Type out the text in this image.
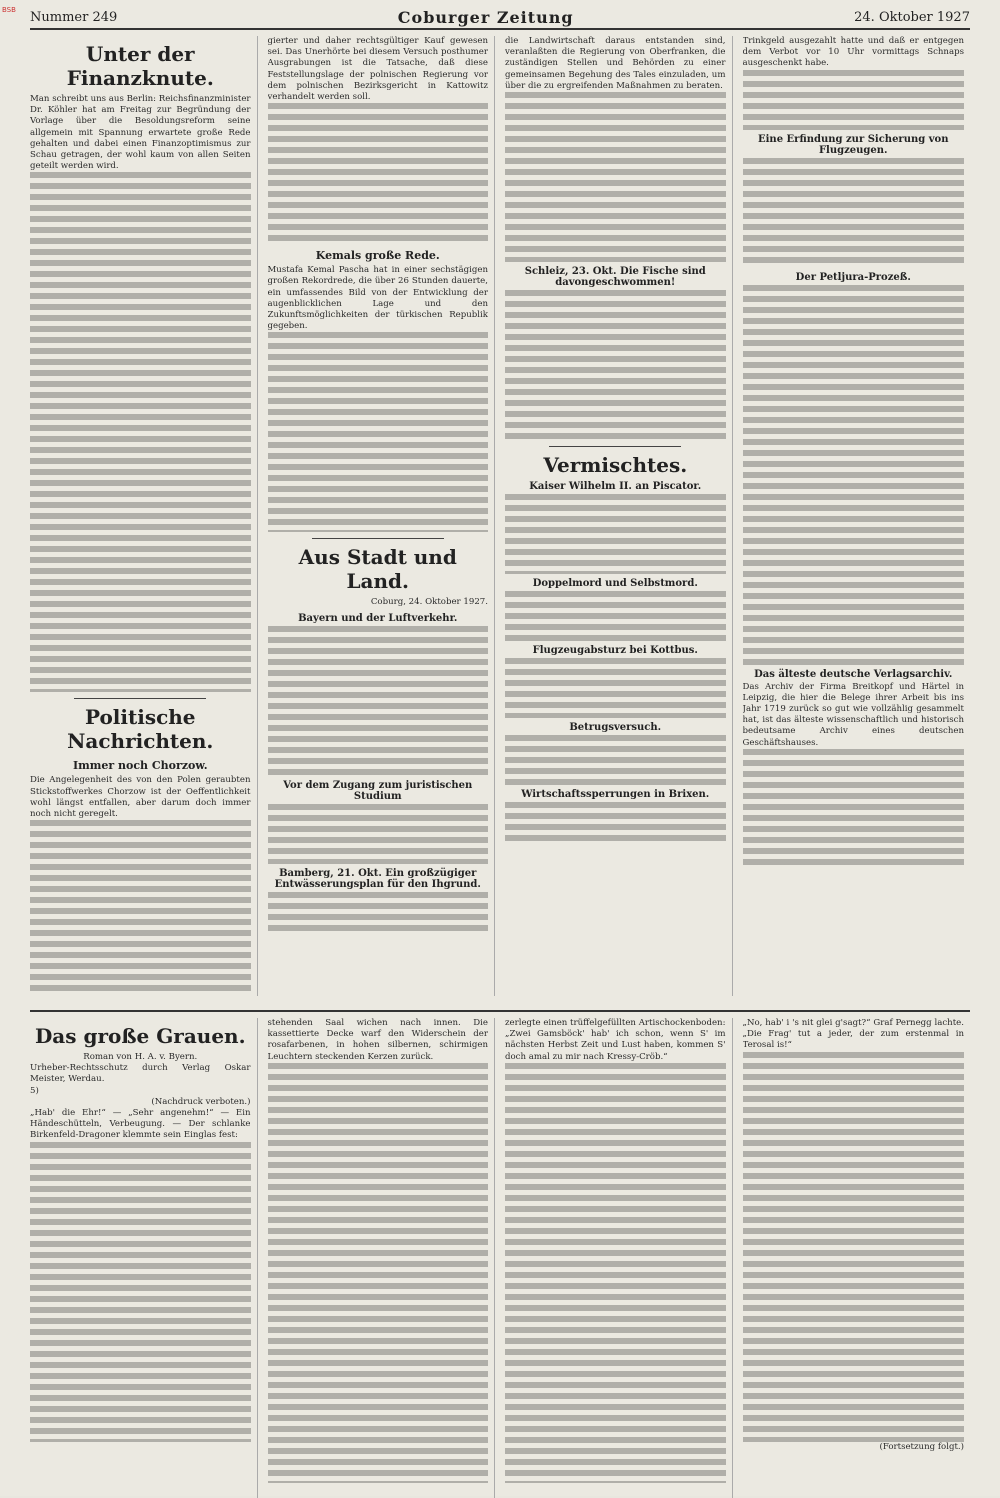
BSB Nummer 249	Coburger Zeitung	24. Oktober 1927
Unter der Finanzknute.
Man schreibt uns aus Berlin: Reichsfinanzminister Dr. Köhler hat am Freitag zur Begründung der Vorlage über die Besoldungsreform seine allgemein mit Spannung erwartete große Rede gehalten und dabei einen Finanzoptimismus zur Schau getragen, der wohl kaum von allen Seiten geteilt werden wird.
Politische Nachrichten.
Immer noch Chorzow.
Die Angelegenheit des von den Polen geraubten Stickstoffwerkes Chorzow ist der Oeffentlichkeit wohl längst entfallen, aber darum doch immer noch nicht geregelt.
gierter und daher rechtsgültiger Kauf gewesen sei. Das Unerhörte bei diesem Versuch posthumer Ausgrabungen ist die Tatsache, daß diese Feststellungslage der polnischen Regierung vor dem polnischen Bezirksgericht in Kattowitz verhandelt werden soll.
Kemals große Rede.
Mustafa Kemal Pascha hat in einer sechstägigen großen Rekordrede, die über 26 Stunden dauerte, ein umfassendes Bild von der Entwicklung der augenblicklichen Lage und den Zukunftsmöglichkeiten der türkischen Republik gegeben.
Aus Stadt und Land.
Coburg, 24. Oktober 1927.
Bayern und der Luftverkehr.
Vor dem Zugang zum juristischen Studium
Bamberg, 21. Okt. Ein großzügiger Entwässerungsplan für den Ihgrund.
die Landwirtschaft daraus entstanden sind, veranlaßten die Regierung von Oberfranken, die zuständigen Stellen und Behörden zu einer gemeinsamen Begehung des Tales einzuladen, um über die zu ergreifenden Maßnahmen zu beraten.
Schleiz, 23. Okt. Die Fische sind davongeschwommen!
Vermischtes.
Kaiser Wilhelm II. an Piscator.
Doppelmord und Selbstmord.
Flugzeugabsturz bei Kottbus.
Betrugsversuch.
Wirtschaftssperrungen in Brixen.
Trinkgeld ausgezahlt hatte und daß er entgegen dem Verbot vor 10 Uhr vormittags Schnaps ausgeschenkt habe.
Eine Erfindung zur Sicherung von Flugzeugen.
Der Petljura-Prozeß.
Das älteste deutsche Verlagsarchiv.
Das Archiv der Firma Breitkopf und Härtel in Leipzig, die hier die Belege ihrer Arbeit bis ins Jahr 1719 zurück so gut wie vollzählig gesammelt hat, ist das älteste wissenschaftlich und historisch bedeutsame Archiv eines deutschen Geschäftshauses.
Das große Grauen.
Roman von H. A. v. Byern.
Urheber-Rechtsschutz durch Verlag Oskar Meister, Werdau.
5)
(Nachdruck verboten.)
„Hab' die Ehr!“ — „Sehr angenehm!“ — Ein Händeschütteln, Verbeugung. — Der schlanke Birkenfeld-Dragoner klemmte sein Einglas fest:
stehenden Saal wichen nach innen. Die kassettierte Decke warf den Widerschein der rosafarbenen, in hohen silbernen, schirmigen Leuchtern steckenden Kerzen zurück.
zerlegte einen trüffelgefüllten Artischockenboden: „Zwei Gamsböck' hab' ich schon, wenn S' im nächsten Herbst Zeit und Lust haben, kommen S' doch amal zu mir nach Kressy-Cröb.“
„No, hab' i 's nit glei g'sagt?“ Graf Pernegg lachte. „Die Frag' tut a jeder, der zum erstenmal in Terosal is!“
(Fortsetzung folgt.)
